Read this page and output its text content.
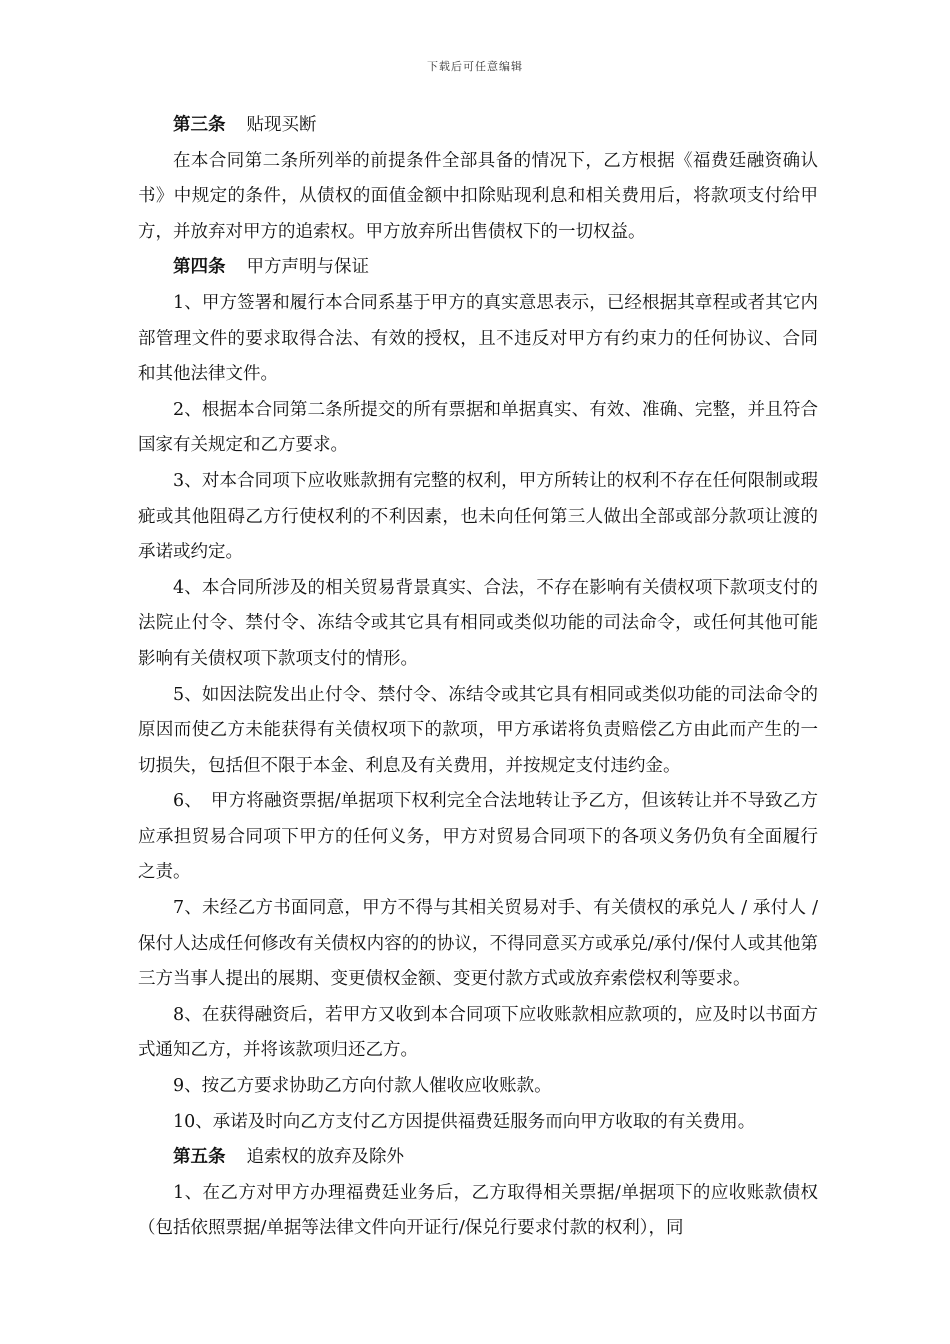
下载后可任意编辑

第三条 贴现买断

在本合同第二条所列举的前提条件全部具备的情况下，乙方根据《福费廷融资确认书》中规定的条件，从债权的面值金额中扣除贴现利息和相关费用后，将款项支付给甲方，并放弃对甲方的追索权。甲方放弃所出售债权下的一切权益。

第四条 甲方声明与保证

1、甲方签署和履行本合同系基于甲方的真实意思表示，已经根据其章程或者其它内部管理文件的要求取得合法、有效的授权，且不违反对甲方有约束力的任何协议、合同和其他法律文件。

2、根据本合同第二条所提交的所有票据和单据真实、有效、准确、完整，并且符合国家有关规定和乙方要求。

3、对本合同项下应收账款拥有完整的权利，甲方所转让的权利不存在任何限制或瑕疵或其他阻碍乙方行使权利的不利因素，也未向任何第三人做出全部或部分款项让渡的承诺或约定。

4、本合同所涉及的相关贸易背景真实、合法，不存在影响有关债权项下款项支付的法院止付令、禁付令、冻结令或其它具有相同或类似功能的司法命令，或任何其他可能影响有关债权项下款项支付的情形。

5、如因法院发出止付令、禁付令、冻结令或其它具有相同或类似功能的司法命令的原因而使乙方未能获得有关债权项下的款项，甲方承诺将负责赔偿乙方由此而产生的一切损失，包括但不限于本金、利息及有关费用，并按规定支付违约金。

6、　甲方将融资票据/单据项下权利完全合法地转让予乙方，但该转让并不导致乙方应承担贸易合同项下甲方的任何义务，甲方对贸易合同项下的各项义务仍负有全面履行之责。

7、未经乙方书面同意，甲方不得与其相关贸易对手、有关债权的承兑人 / 承付人 / 保付人达成任何修改有关债权内容的的协议，不得同意买方或承兑/承付/保付人或其他第三方当事人提出的展期、变更债权金额、变更付款方式或放弃索偿权利等要求。

8、在获得融资后，若甲方又收到本合同项下应收账款相应款项的，应及时以书面方式通知乙方，并将该款项归还乙方。

9、按乙方要求协助乙方向付款人催收应收账款。

10、承诺及时向乙方支付乙方因提供福费廷服务而向甲方收取的有关费用。

第五条 追索权的放弃及除外

1、在乙方对甲方办理福费廷业务后，乙方取得相关票据/单据项下的应收账款债权（包括依照票据/单据等法律文件向开证行/保兑行要求付款的权利），同
